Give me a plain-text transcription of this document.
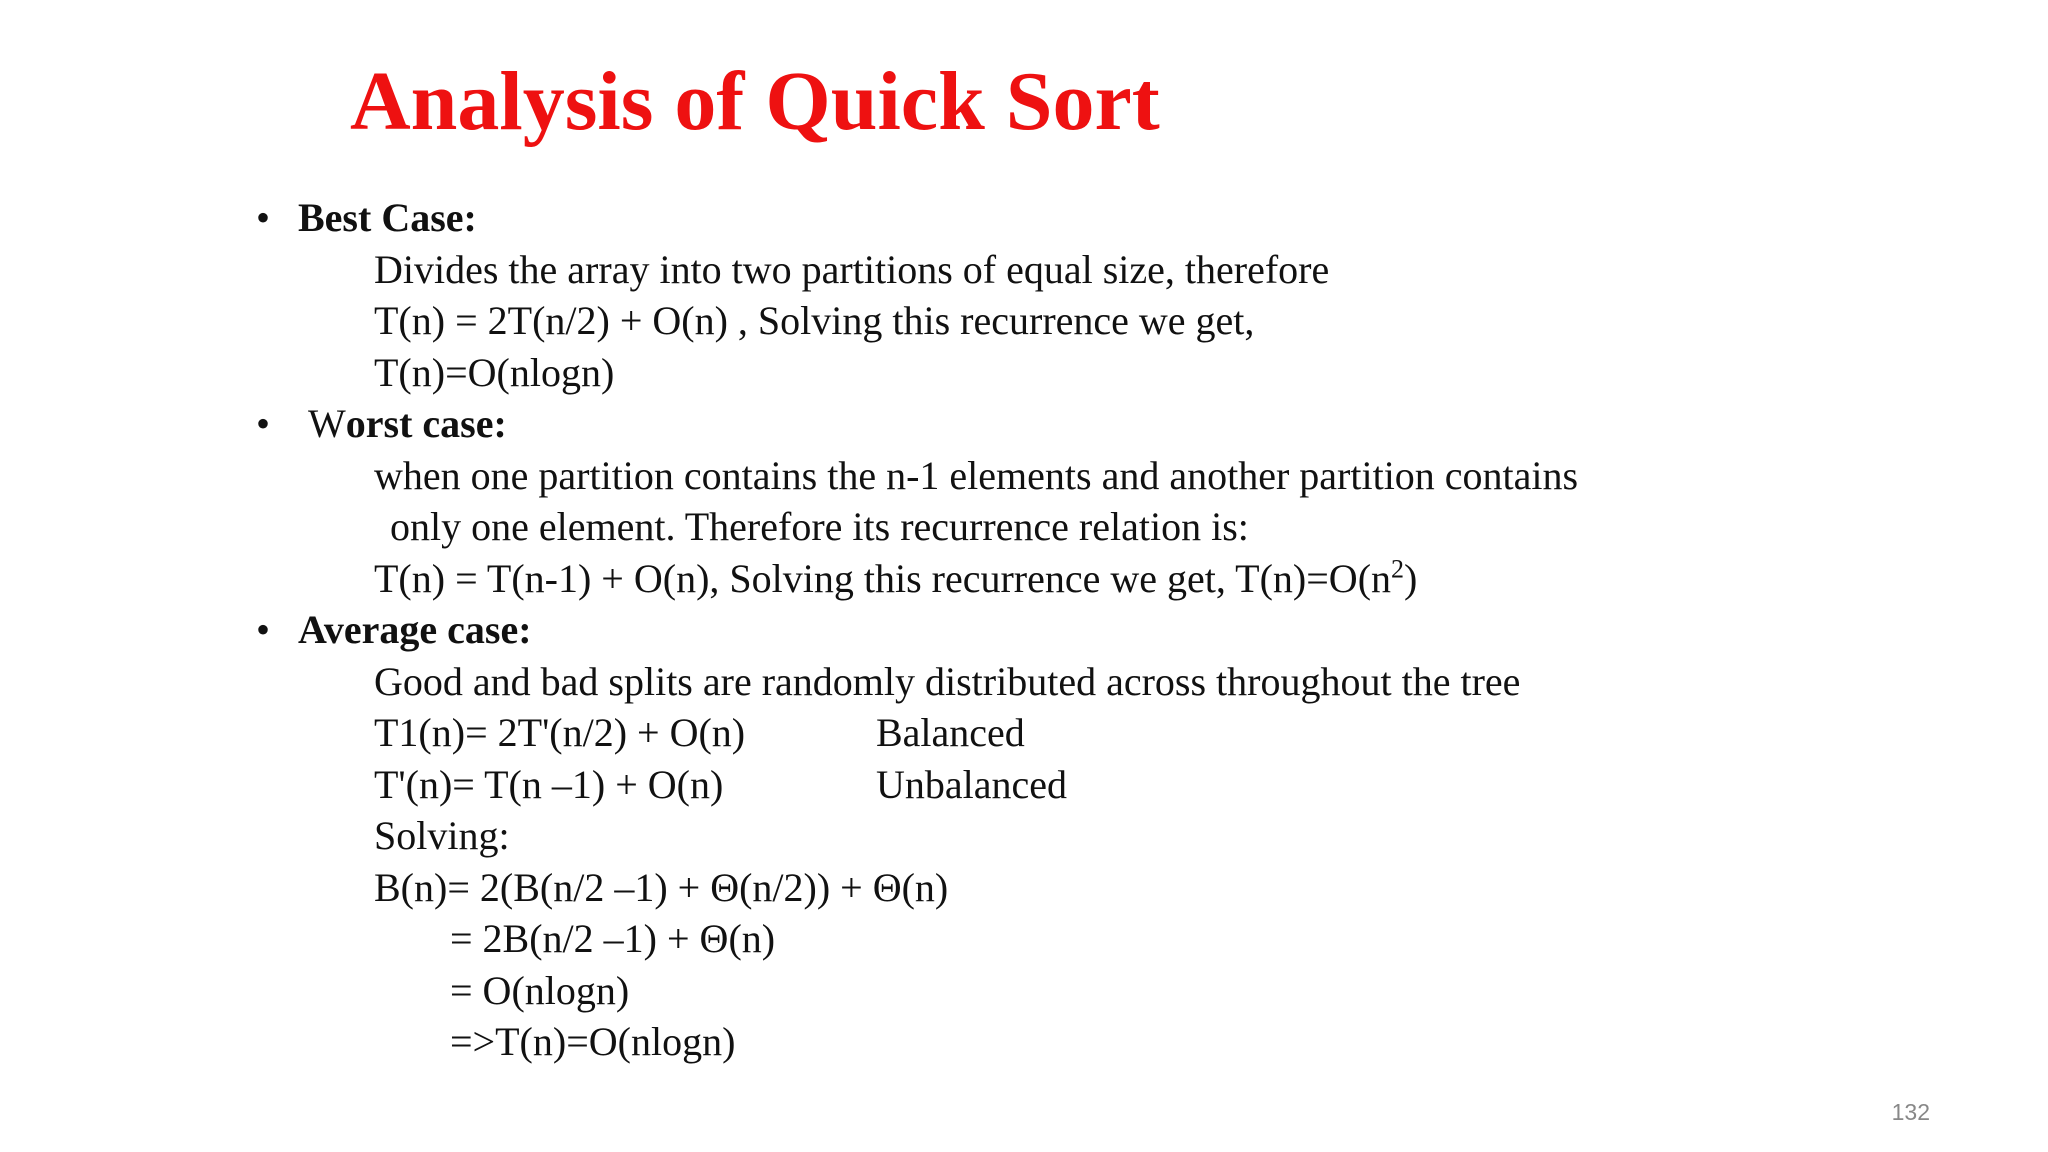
Analysis of Quick Sort
• Best Case:
Divides the array into two partitions of equal size, therefore
T(n) = 2T(n/2) + O(n) , Solving this recurrence we get,
T(n)=O(nlogn)
• Worst case:
when one partition contains the n-1 elements and another partition contains
only one element. Therefore its recurrence relation is:
T(n) = T(n-1) + O(n), Solving this recurrence we get, $T(n)=O(n^2)$
• Average case:
Good and bad splits are randomly distributed across throughout the tree
T1(n)= 2T'(n/2) + O(n)	Balanced
T'(n)= T(n –1) + O(n)	Unbalanced
Solving:
B(n)= 2(B(n/2 –1) + Θ(n/2)) + Θ(n)
= 2B(n/2 –1) + Θ(n)
= O(nlogn)
=>T(n)=O(nlogn)
132
